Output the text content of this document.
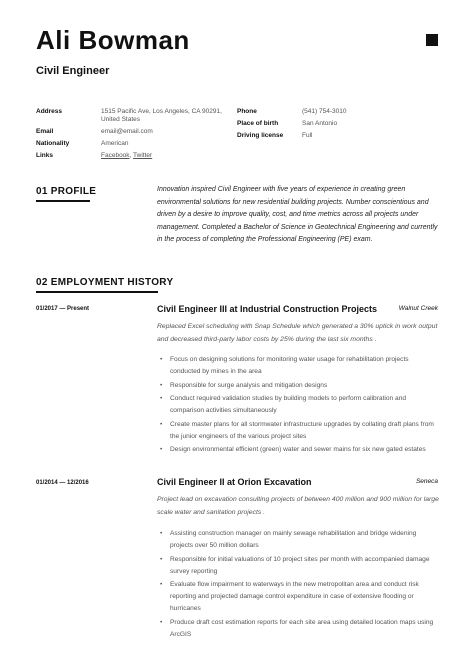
Ali Bowman
Civil Engineer
Address	1515 Pacific Ave, Los Angeles, CA 90291, United States
Email	email@email.com
Nationality	American
Links	Facebook, Twitter
Phone	(541) 754-3010
Place of birth	San Antonio
Driving license	Full
01 PROFILE	Innovation inspired Civil Engineer with five years of experience in creating green environmental solutions for new residential building projects. Number conscientious and driven by a desire to improve quality, cost, and time metrics across all projects under management. Completed a Bachelor of Science in Geotechnical Engineering and currently in the process of completing the Professional Engineering (PE) exam.
02 EMPLOYMENT HISTORY
01/2017 — Present	Civil Engineer III at Industrial Construction Projects	Walnut Creek
Replaced Excel scheduling with Snap Schedule which generated a 30% uptick in work output and decreased third-party labor costs by 25% during the last six months .
• Focus on designing solutions for monitoring water usage for rehabilitation projects conducted by mines in the area
• Responsible for surge analysis and mitigation designs
• Conduct required validation studies by building models to perform calibration and comparison activities simultaneously
• Create master plans for all stormwater infrastructure upgrades by collating draft plans from the junior engineers of the various project sites
• Design environmental efficient (green) water and sewer mains for six new gated estates
01/2014 — 12/2016	Civil Engineer II at Orion Excavation	Seneca
Project lead on excavation consulting projects of between 400 million and 900 million for large scale water and sanitation projects .
• Assisting construction manager on mainly sewage rehabilitation and bridge widening projects over 50 million dollars
• Responsible for initial valuations of 10 project sites per month with accompanied damage survey reporting
• Evaluate flow impairment to waterways in the new metropolitan area and conduct risk reporting and projected damage control expenditure in case of extensive flooding or hurricanes
• Produce draft cost estimation reports for each site area using detailed location maps using ArcGIS
